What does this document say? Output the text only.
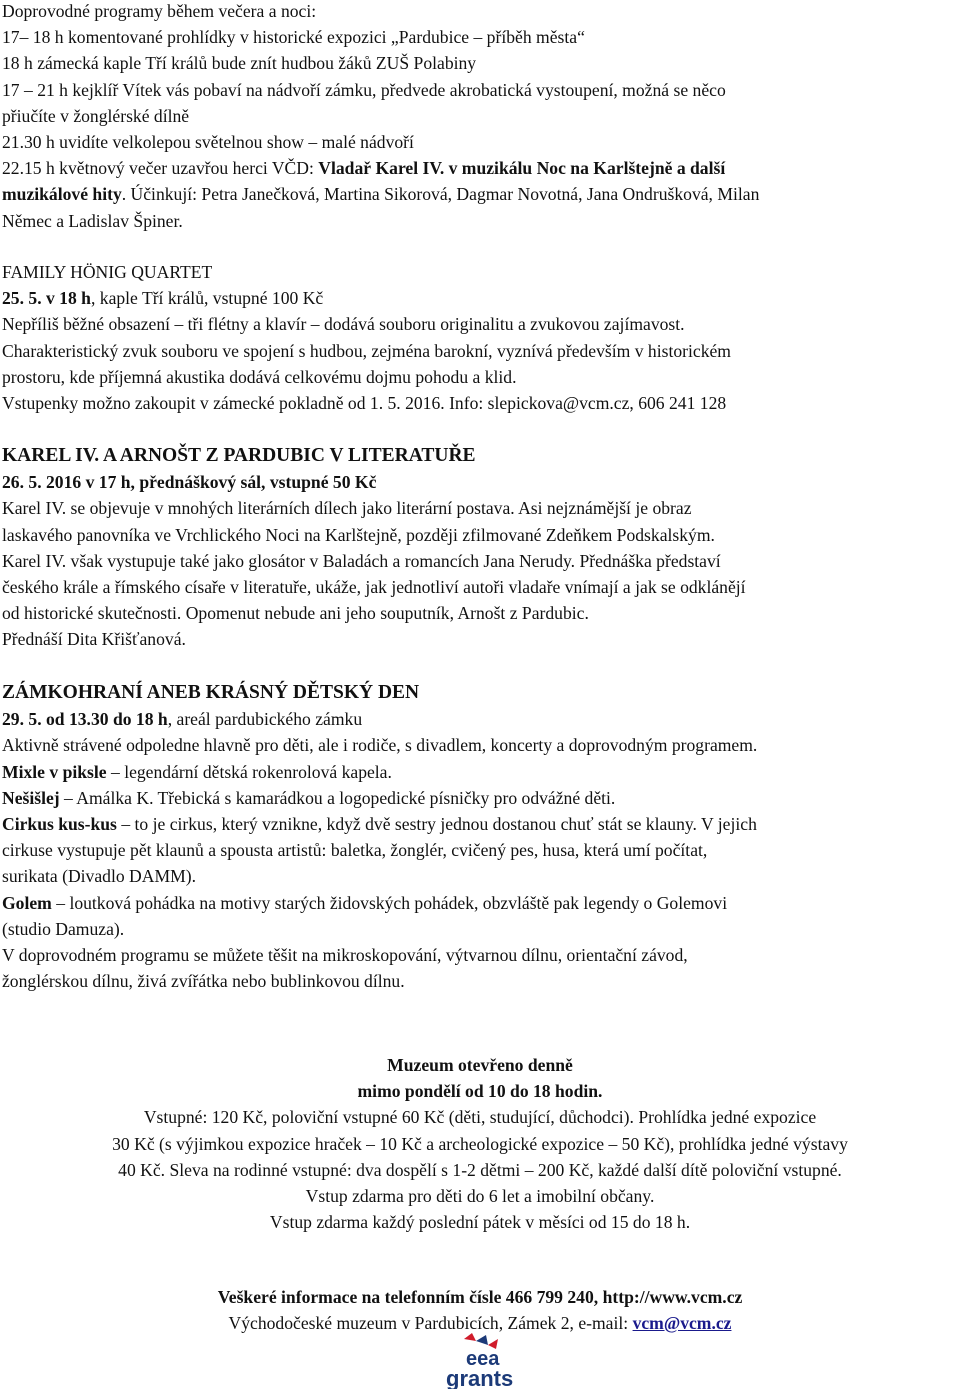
Doprovodné programy během večera a noci:
17– 18 h komentované prohlídky v historické expozici „Pardubice – příběh města“
18 h zámecká kaple Tří králů bude znít hudbou žáků ZUŠ Polabiny
17 – 21 h kejklíř Vítek vás pobaví na nádvoří zámku, předvede akrobatická vystoupení, možná se něco
přiučíte v žonglérské dílně
21.30 h uvidíte velkolepou světelnou show – malé nádvoří
22.15 h květnový večer uzavřou herci VČD: Vladař Karel IV. v muzikálu Noc na Karlštejně a další
muzikálové hity. Účinkují: Petra Janečková, Martina Sikorová, Dagmar Novotná, Jana Ondrušková, Milan
Němec a Ladislav Špiner.
FAMILY HÖNIG QUARTET
25. 5. v 18 h, kaple Tří králů, vstupné 100 Kč
Nepříliš běžné obsazení – tři flétny a klavír – dodává souboru originalitu a zvukovou zajímavost.
Charakteristický zvuk souboru ve spojení s hudbou, zejména barokní, vyznívá především v historickém
prostoru, kde příjemná akustika dodává celkovému dojmu pohodu a klid.
Vstupenky možno zakoupit v zámecké pokladně od 1. 5. 2016. Info: slepickova@vcm.cz, 606 241 128
KAREL IV. A ARNOŠT Z PARDUBIC V LITERATUŘE
26. 5. 2016 v 17 h, přednáškový sál, vstupné 50 Kč
Karel IV. se objevuje v mnohých literárních dílech jako literární postava. Asi nejznámější je obraz
laskavého panovníka ve Vrchlického Noci na Karlštejně, později zfilmované Zdeňkem Podskalským.
Karel IV. však vystupuje také jako glosátor v Baladách a romancích Jana Nerudy. Přednáška představí
českého krále a římského císaře v literatuře, ukáže, jak jednotliví autoři vladaře vnímají a jak se odklánějí
od historické skutečnosti. Opomenut nebude ani jeho souputník, Arnošt z Pardubic.
Přednáší Dita Křišťanová.
ZÁMKOHRANÍ ANEB KRÁSNÝ DĚTSKÝ DEN
29. 5. od 13.30 do 18 h, areál pardubického zámku
Aktivně strávené odpoledne hlavně pro děti, ale i rodiče, s divadlem, koncerty a doprovodným programem.
Mixle v piksle – legendární dětská rokenrolová kapela.
Nešišlej – Amálka K. Třebická s kamarádkou a logopedické písničky pro odvážné děti.
Cirkus kus-kus – to je cirkus, který vznikne, když dvě sestry jednou dostanou chuť stát se klauny. V jejich
cirkuse vystupuje pět klaunů a spousta artistů: baletka, žonglér, cvičený pes, husa, která umí počítat,
surikata (Divadlo DAMM).
Golem – loutková pohádka na motivy starých židovských pohádek, obzvláště pak legendy o Golemovi
(studio Damuza).
V doprovodném programu se můžete těšit na mikroskopování, výtvarnou dílnu, orientační závod,
žonglérskou dílnu, živá zvířátka nebo bublinkovou dílnu.
Muzeum otevřeno denně
mimo pondělí od 10 do 18 hodin.
Vstupné: 120 Kč, poloviční vstupné 60 Kč (děti, studující, důchodci). Prohlídka jedné expozice
30 Kč (s výjimkou expozice hraček – 10 Kč a archeologické expozice – 50 Kč), prohlídka jedné výstavy
40 Kč. Sleva na rodinné vstupné: dva dospělí s 1-2 dětmi – 200 Kč, každé další dítě poloviční vstupné.
Vstup zdarma pro děti do 6 let a imobilní občany.
Vstup zdarma každý poslední pátek v měsíci od 15 do 18 h.
Veškeré informace na telefonním čísle 466 799 240, http://www.vcm.cz
Východočeské muzeum v Pardubicích, Zámek 2, e-mail: vcm@vcm.cz
eea
grants
